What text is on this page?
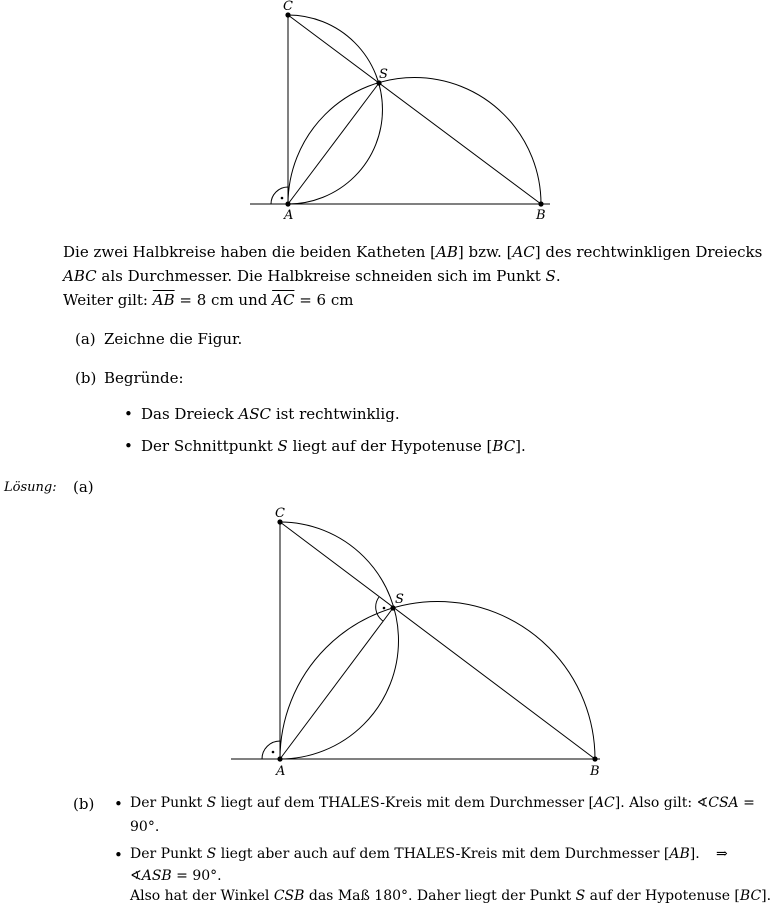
A	B
C
S
Die zwei Halbkreise haben die beiden Katheten [AB] bzw. [AC] des rechtwinkligen Dreiecks
ABC als Durchmesser. Die Halbkreise schneiden sich im Punkt S.
Weiter gilt: $\overline{AB} = 8$ cm und $\overline{AC} = 6$ cm
(a) Zeichne die Figur.
(b) Begründe:
• Das Dreieck ASC ist rechtwinklig.
• Der Schnittpunkt S liegt auf der Hypotenuse [BC].
Lösung: (a)
A	B
C
S
(b) • Der Punkt S liegt auf dem THALES-Kreis mit dem Durchmesser [AC]. Also gilt: ∢CSA =
90°.
• Der Punkt S liegt aber auch auf dem THALES-Kreis mit dem Durchmesser [AB]. ⇒
∢ASB = 90°.
Also hat der Winkel CSB das Maß 180°. Daher liegt der Punkt S auf der Hypotenuse [BC].
